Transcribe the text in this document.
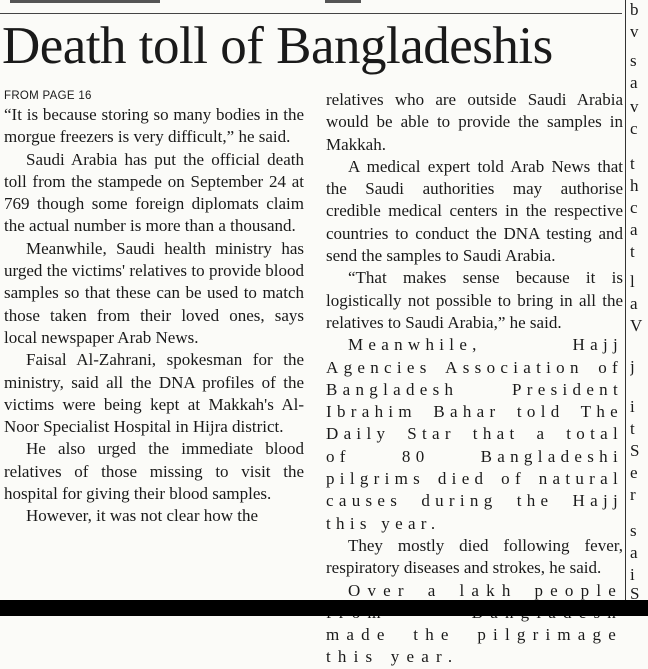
Death toll of Bangladeshis
FROM PAGE 16

“It is because storing so many bodies in the morgue freezers is very difficult,” he said.

Saudi Arabia has put the official death toll from the stampede on September 24 at 769 though some foreign diplomats claim the actual number is more than a thousand.

Meanwhile, Saudi health ministry has urged the victims' relatives to provide blood samples so that these can be used to match those taken from their loved ones, says local newspaper Arab News.

Faisal Al-Zahrani, spokesman for the ministry, said all the DNA profiles of the victims were being kept at Makkah's Al-Noor Specialist Hospital in Hijra district.

He also urged the immediate blood relatives of those missing to visit the hospital for giving their blood samples.

However, it was not clear how the

relatives who are outside Saudi Arabia would be able to provide the samples in Makkah.

A medical expert told Arab News that the Saudi authorities may authorise credible medical centers in the respective countries to conduct the DNA testing and send the samples to Saudi Arabia.

“That makes sense because it is logistically not possible to bring in all the relatives to Saudi Arabia,” he said.

Meanwhile, Hajj Agencies Association of Bangladesh President Ibrahim Bahar told The Daily Star that a total of 80 Bangladeshi pilgrims died of natural causes during the Hajj this year.

They mostly died following fever, respiratory diseases and strokes, he said.

Over a lakh people made the pilgrimage this year.

b
v
s
a
v
c
t
h
c
a
t
l
a
V
j
i
t
S
e
r
s
a
i
S
